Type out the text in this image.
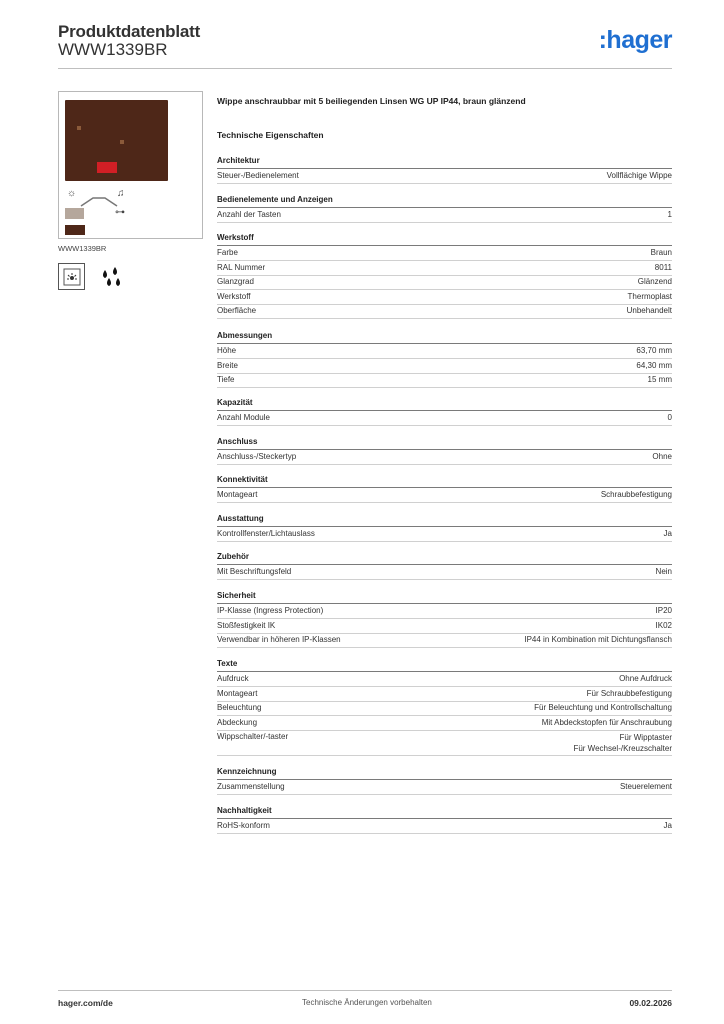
Produktdatenblatt
WWW1339BR	:hager
☼	♫
⊶
WWW1339BR
Wippe anschraubbar mit 5 beiliegenden Linsen WG UP IP44, braun glänzend
Technische Eigenschaften
Architektur
Steuer-/Bedienelement	Vollflächige Wippe
Bedienelemente und Anzeigen
Anzahl der Tasten	1
Werkstoff
Farbe	Braun
RAL Nummer	8011
Glanzgrad	Glänzend
Werkstoff	Thermoplast
Oberfläche	Unbehandelt
Abmessungen
Höhe	63,70 mm
Breite	64,30 mm
Tiefe	15 mm
Kapazität
Anzahl Module	0
Anschluss
Anschluss-/Steckertyp	Ohne
Konnektivität
Montageart	Schraubbefestigung
Ausstattung
Kontrollfenster/Lichtauslass	Ja
Zubehör
Mit Beschriftungsfeld	Nein
Sicherheit
IP-Klasse (Ingress Protection)	IP20
Stoßfestigkeit IK	IK02
Verwendbar in höheren IP-Klassen	IP44 in Kombination mit Dichtungsflansch
Texte
Aufdruck	Ohne Aufdruck
Montageart	Für Schraubbefestigung
Beleuchtung	Für Beleuchtung und Kontrollschaltung
Abdeckung	Mit Abdeckstopfen für Anschraubung
Wippschalter/-taster	Für Wipptaster
Für Wechsel-/Kreuzschalter
Kennzeichnung
Zusammenstellung	Steuerelement
Nachhaltigkeit
RoHS-konform	Ja
hager.com/de	Technische Änderungen vorbehalten	09.02.2026
